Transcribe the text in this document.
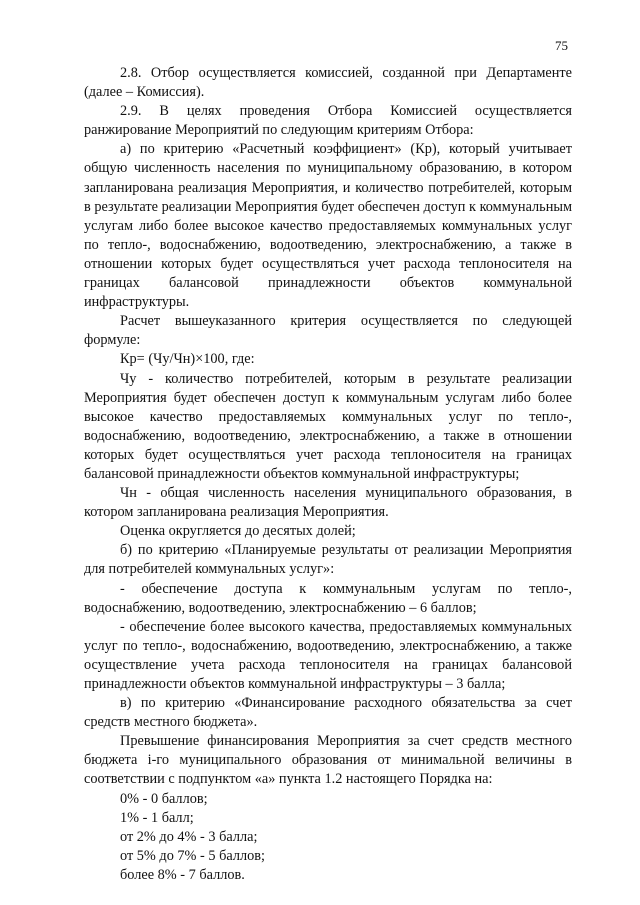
75

2.8. Отбор осуществляется комиссией, созданной при Департаменте (далее – Комиссия).

2.9. В целях проведения Отбора Комиссией осуществляется ранжирование Мероприятий по следующим критериям Отбора:

а) по критерию «Расчетный коэффициент» (Кр), который учитывает общую численность населения по муниципальному образованию, в котором запланирована реализация Мероприятия, и количество потребителей, которым в результате реализации Мероприятия будет обеспечен доступ к коммунальным услугам либо более высокое качество предоставляемых коммунальных услуг по тепло-, водоснабжению, водоотведению, электроснабжению, а также в отношении которых будет осуществляться учет расхода теплоносителя на границах балансовой принадлежности объектов коммунальной инфраструктуры.

Расчет вышеуказанного критерия осуществляется по следующей формуле:

Кр= (Чу/Чн)×100, где:

Чу - количество потребителей, которым в результате реализации Мероприятия будет обеспечен доступ к коммунальным услугам либо более высокое качество предоставляемых коммунальных услуг по тепло-, водоснабжению, водоотведению, электроснабжению, а также в отношении которых будет осуществляться учет расхода теплоносителя на границах балансовой принадлежности объектов коммунальной инфраструктуры;

Чн - общая численность населения муниципального образования, в котором запланирована реализация Мероприятия.

Оценка округляется до десятых долей;

б) по критерию «Планируемые результаты от реализации Мероприятия для потребителей коммунальных услуг»:

- обеспечение доступа к коммунальным услугам по тепло-, водоснабжению, водоотведению, электроснабжению – 6 баллов;

- обеспечение более высокого качества, предоставляемых коммунальных услуг по тепло-, водоснабжению, водоотведению, электроснабжению, а также осуществление учета расхода теплоносителя на границах балансовой принадлежности объектов коммунальной инфраструктуры – 3 балла;

в) по критерию «Финансирование расходного обязательства за счет средств местного бюджета».

Превышение финансирования Мероприятия за счет средств местного бюджета i-го муниципального образования от минимальной величины в соответствии с подпунктом «а» пункта 1.2 настоящего Порядка на:

0% - 0 баллов;

1% - 1 балл;

от 2% до 4% - 3 балла;

от 5% до 7% - 5 баллов;

более 8% - 7 баллов.
